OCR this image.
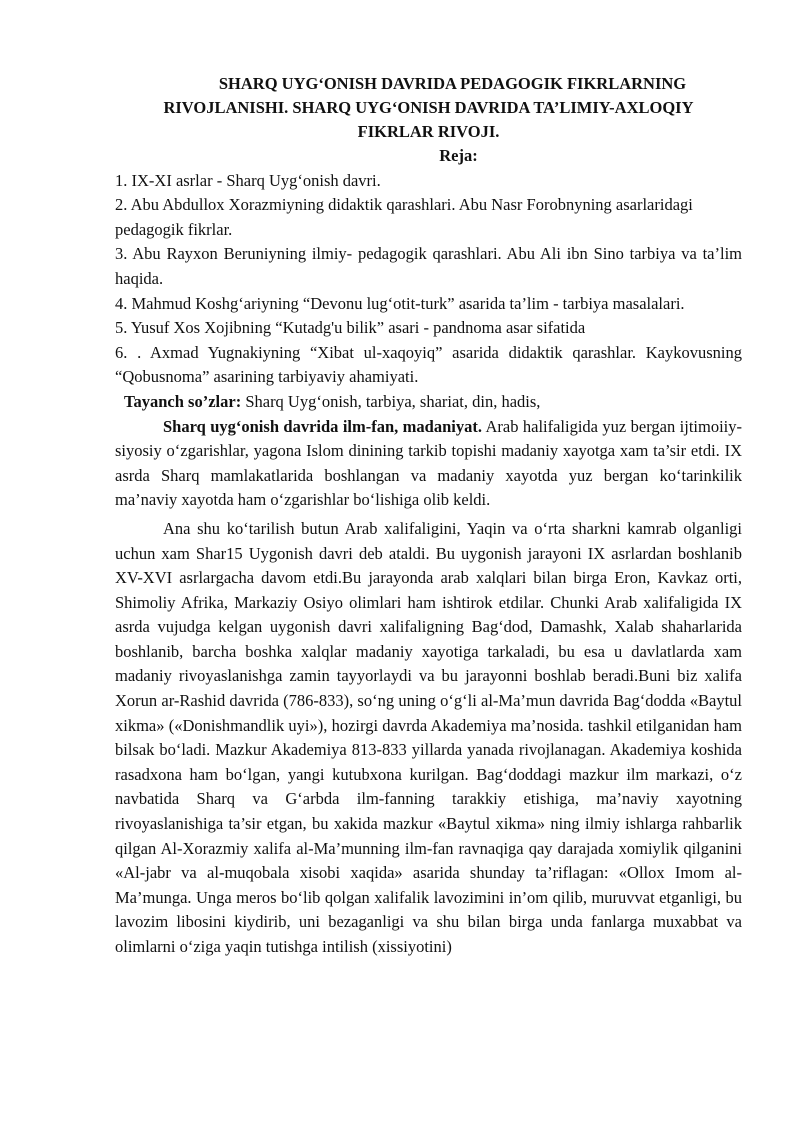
SHARQ UYG‘ONISH DAVRIDA PEDAGOGIK FIKRLARNING
RIVOJLANISHI. SHARQ UYG‘ONISH DAVRIDA TA’LIMIY-AXLOQIY
FIKRLAR RIVOJI.
Reja:

1. IX-XI asrlar - Sharq Uyg‘onish davri.

2. Abu Abdullox Xorazmiyning didaktik qarashlari. Abu Nasr Forobnyning asarlaridagi pedagogik fikrlar.

3. Abu Rayxon Beruniyning ilmiy- pedagogik qarashlari. Abu Ali ibn Sino tarbiya va ta’lim haqida.

4. Mahmud Koshg‘ariyning “Devonu lug‘otit-turk” asarida ta’lim - tarbiya masalalari.

5. Yusuf Xos Xojibning “Kutadg'u bilik” asari - pandnoma asar sifatida

6. . Axmad Yugnakiyning “Xibat ul-xaqoyiq” asarida didaktik qarashlar. Kaykovusning “Qobusnoma” asarining tarbiyaviy ahamiyati.

Tayanch so’zlar: Sharq Uyg‘onish, tarbiya, shariat, din, hadis,

Sharq uyg‘onish davrida ilm-fan, madaniyat. Arab halifaligida yuz bergan ijtimoiiy-siyosiy o‘zgarishlar, yagona Islom dinining tarkib topishi madaniy xayotga xam ta’sir etdi. IX asrda Sharq mamlakatlarida boshlangan va madaniy xayotda yuz bergan ko‘tarinkilik ma’naviy xayotda ham o‘zgarishlar bo‘lishiga olib keldi.

Ana shu ko‘tarilish butun Arab xalifaligini, Yaqin va o‘rta sharkni kamrab olganligi uchun xam Shar15 Uygonish davri deb ataldi. Bu uygonish jarayoni IX asrlardan boshlanib XV-XVI asrlargacha davom etdi.Bu jarayonda arab xalqlari bilan birga Eron, Kavkaz orti, Shimoliy Afrika, Markaziy Osiyo olimlari ham ishtirok etdilar. Chunki Arab xalifaligida IX asrda vujudga kelgan uygonish davri xalifaligning Bag‘dod, Damashk, Xalab shaharlarida boshlanib, barcha boshka xalqlar madaniy xayotiga tarkaladi, bu esa u davlatlarda xam madaniy rivoyaslanishga zamin tayyorlaydi va bu jarayonni boshlab beradi.Buni biz xalifa Xorun ar-Rashid davrida (786-833), so‘ng uning o‘g‘li al-Ma’mun davrida Bag‘dodda «Baytul xikma» («Donishmandlik uyi»), hozirgi davrda Akademiya ma’nosida. tashkil etilganidan ham bilsak bo‘ladi. Mazkur Akademiya 813-833 yillarda yanada rivojlanagan. Akademiya koshida rasadxona ham bo‘lgan, yangi kutubxona kurilgan. Bag‘doddagi mazkur ilm markazi, o‘z navbatida Sharq va G‘arbda ilm-fanning tarakkiy etishiga, ma’naviy xayotning rivoyaslanishiga ta’sir etgan, bu xakida mazkur «Baytul xikma» ning ilmiy ishlarga rahbarlik qilgan Al-Xorazmiy xalifa al-Ma’munning ilm-fan ravnaqiga qay darajada xomiylik qilganini «Al-jabr va al-muqobala xisobi xaqida» asarida shunday ta’riflagan: «Ollox Imom al-Ma’munga. Unga meros bo‘lib qolgan xalifalik lavozimini in’om qilib, muruvvat etganligi, bu lavozim libosini kiydirib, uni bezaganligi va shu bilan birga unda fanlarga muxabbat va olimlarni o‘ziga yaqin tutishga intilish (xissiyotini)
